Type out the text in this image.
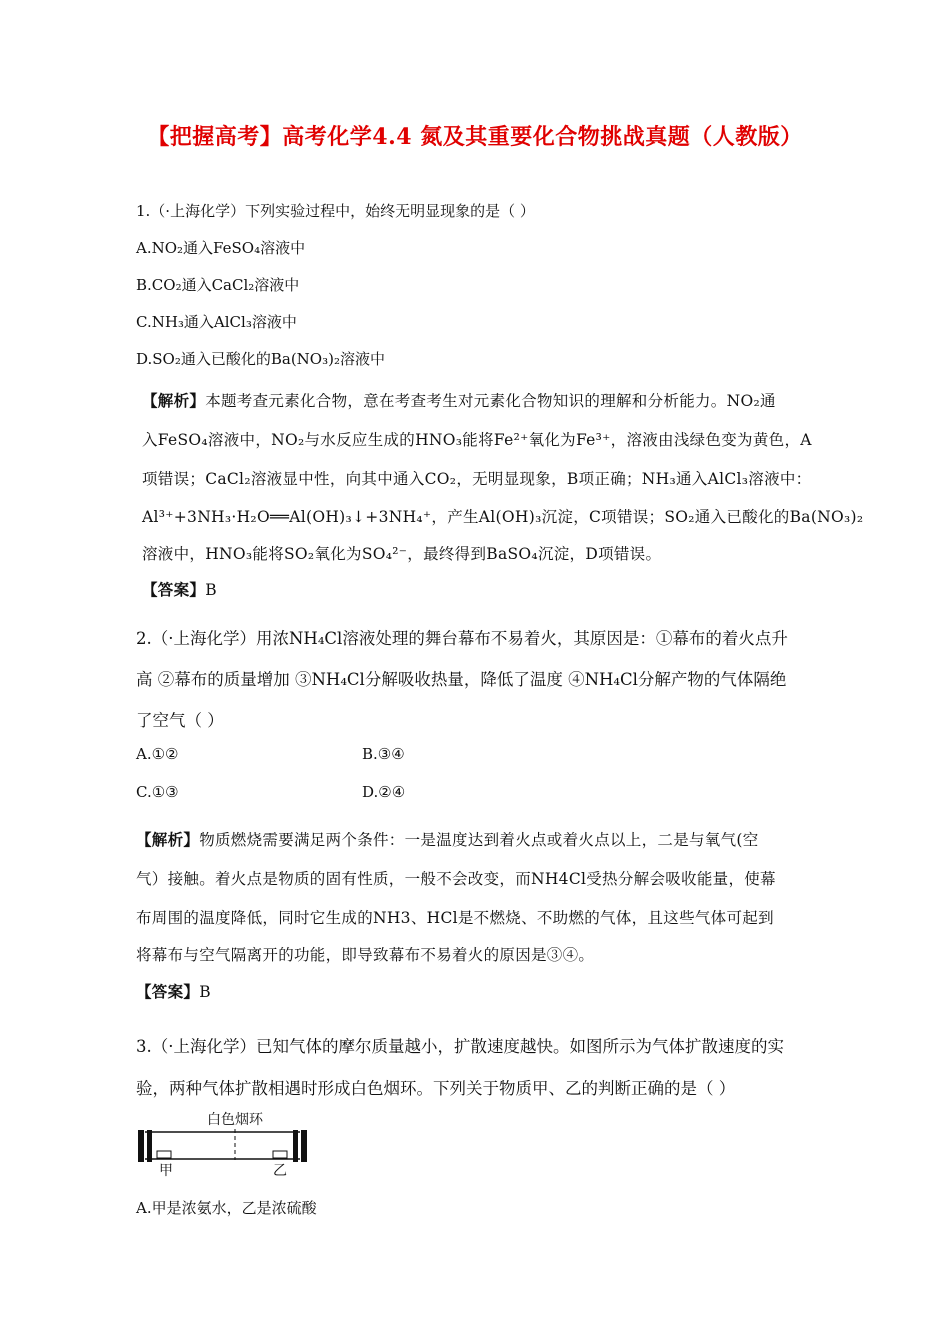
【把握高考】高考化学4.4 氮及其重要化合物挑战真题（人教版）
1.（·上海化学）下列实验过程中，始终无明显现象的是（ ）
A.NO₂通入FeSO₄溶液中
B.CO₂通入CaCl₂溶液中
C.NH₃通入AlCl₃溶液中
D.SO₂通入已酸化的Ba(NO₃)₂溶液中
【解析】本题考查元素化合物，意在考查考生对元素化合物知识的理解和分析能力。NO₂通
入FeSO₄溶液中，NO₂与水反应生成的HNO₃能将Fe²⁺氧化为Fe³⁺，溶液由浅绿色变为黄色，A
项错误；CaCl₂溶液显中性，向其中通入CO₂，无明显现象，B项正确；NH₃通入AlCl₃溶液中：
Al³⁺+3NH₃·H₂O══Al(OH)₃↓+3NH₄⁺，产生Al(OH)₃沉淀，C项错误；SO₂通入已酸化的Ba(NO₃)₂
溶液中，HNO₃能将SO₂氧化为SO₄²⁻，最终得到BaSO₄沉淀，D项错误。
【答案】B
2.（·上海化学）用浓NH₄Cl溶液处理的舞台幕布不易着火，其原因是：①幕布的着火点升
高 ②幕布的质量增加 ③NH₄Cl分解吸收热量，降低了温度 ④NH₄Cl分解产物的气体隔绝
了空气（ ）
A.①②	B.③④
C.①③	D.②④
【解析】物质燃烧需要满足两个条件：一是温度达到着火点或着火点以上，二是与氧气(空
气）接触。着火点是物质的固有性质，一般不会改变，而NH4Cl受热分解会吸收能量，使幕
布周围的温度降低，同时它生成的NH3、HCl是不燃烧、不助燃的气体，且这些气体可起到
将幕布与空气隔离开的功能，即导致幕布不易着火的原因是③④。
【答案】B
3.（·上海化学）已知气体的摩尔质量越小，扩散速度越快。如图所示为气体扩散速度的实
验，两种气体扩散相遇时形成白色烟环。下列关于物质甲、乙的判断正确的是（ ）
白色烟环
甲	乙
A.甲是浓氨水，乙是浓硫酸
